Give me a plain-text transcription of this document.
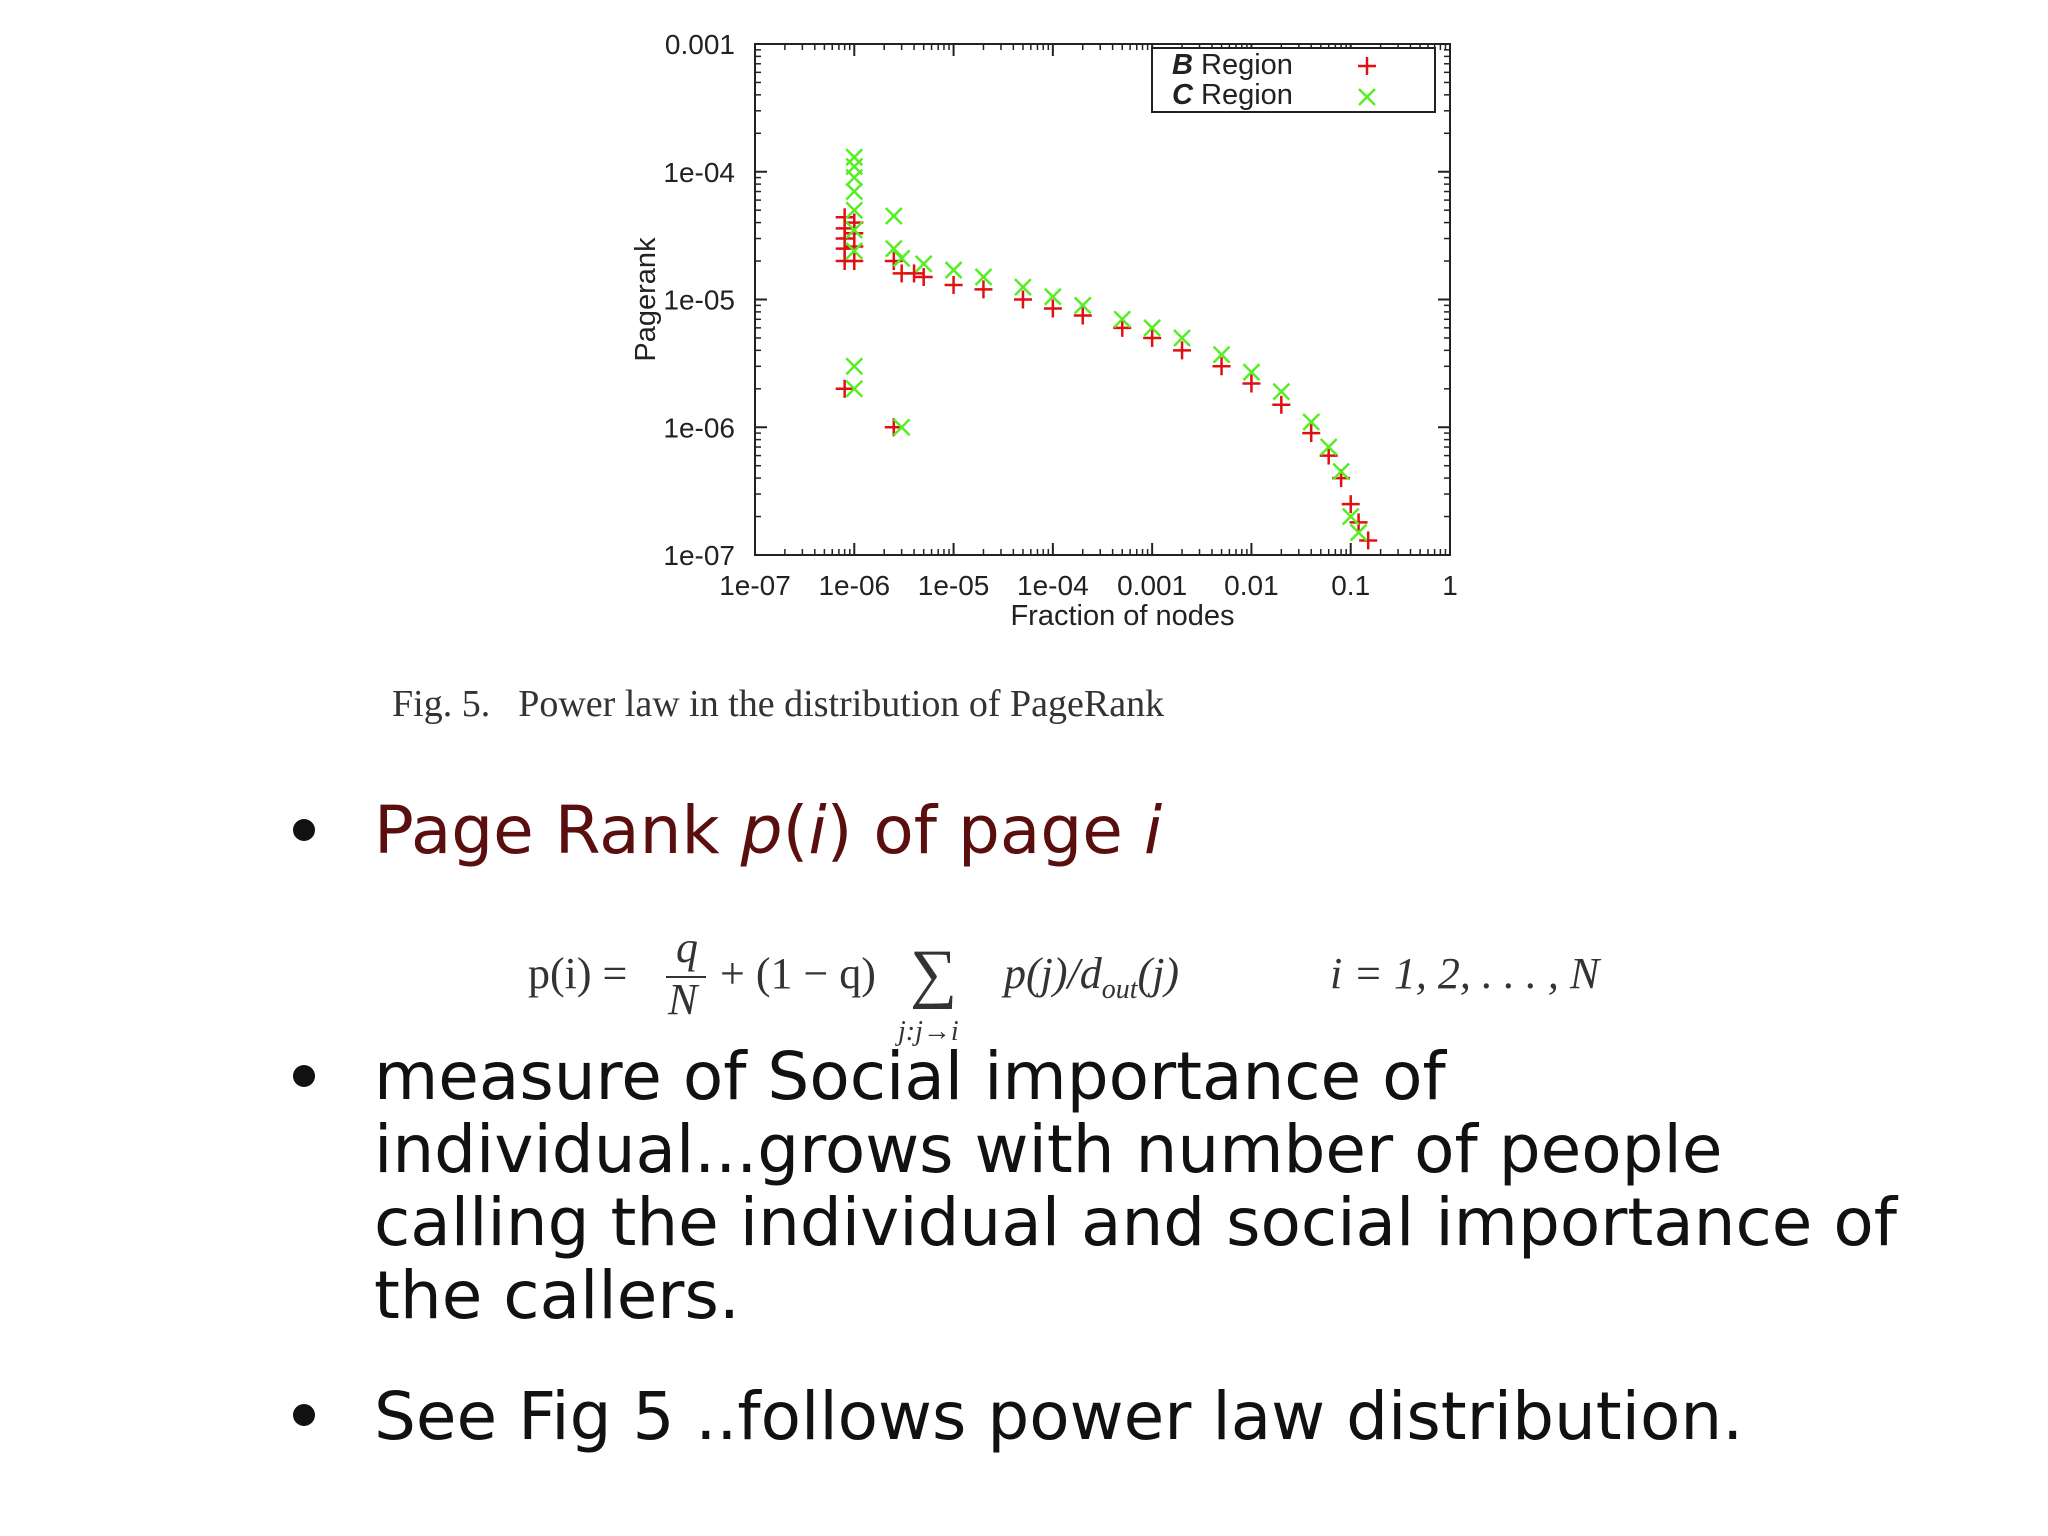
1e-07 1e-06 1e-05 1e-04 0.001 0.01 0.1	1
0.001
1e-04
1e-05
1e-06
1e-07
Fraction of nodes
Pagerank
B Region
C Region
Fig. 5. Power law in the distribution of PageRank
Page Rank p(i) of page i
p(i) =
q
N
+ (1 − q) ∑
j:j→i
$p(j)/d_{out}(j)$	i = 1, 2, . . . , N
measure of Social importance of
individual...grows with number of people
calling the individual and social importance of
the callers.
See Fig 5 ..follows power law distribution.
